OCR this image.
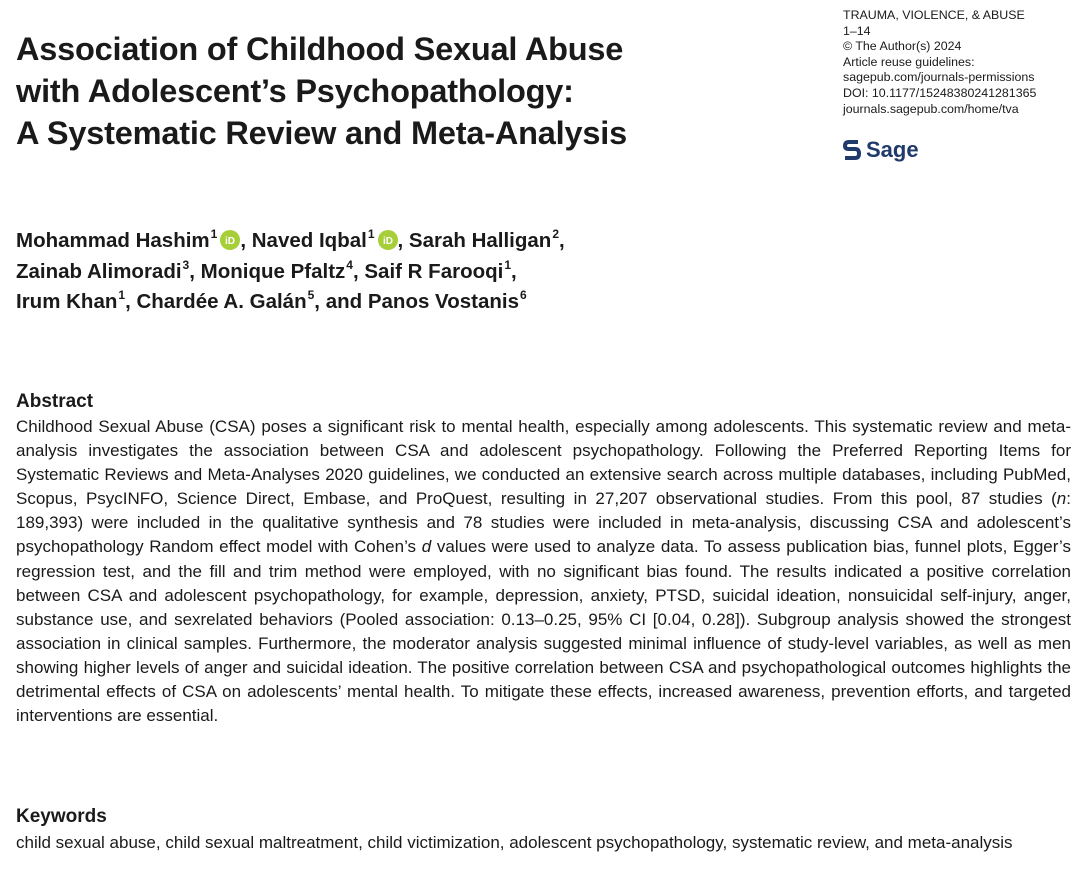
Association of Childhood Sexual Abuse
with Adolescent’s Psychopathology:
A Systematic Review and Meta-Analysis
TRAUMA, VIOLENCE, & ABUSE
1–14
© The Author(s) 2024
Article reuse guidelines:
sagepub.com/journals-permissions
DOI: 10.1177/15248380241281365
journals.sagepub.com/home/tva
Sage
Mohammad Hashim$^1$
iD , Naved Iqbal$^1$
iD , Sarah Halligan$^2$,
Zainab Alimoradi$^3$, Monique Pfaltz$^4$, Saif R Farooqi$^1$,
Irum Khan$^1$, Chardée A. Galán$^5$, and Panos Vostanis$^6$
Abstract

Childhood Sexual Abuse (CSA) poses a significant risk to mental health, especially among adolescents. This systematic review and meta-analysis investigates the association between CSA and adolescent psychopathology. Following the Preferred Reporting Items for Systematic Reviews and Meta-Analyses 2020 guidelines, we conducted an extensive search across multiple databases, including PubMed, Scopus, PsycINFO, Science Direct, Embase, and ProQuest, resulting in 27,207 observational studies. From this pool, 87 studies (n: 189,393) were included in the qualitative synthesis and 78 studies were included in meta-analysis, discussing CSA and adolescent’s psychopathology Random effect model with Cohen’s d values were used to analyze data. To assess publication bias, funnel plots, Egger’s regression test, and the fill and trim method were employed, with no significant bias found. The results indicated a positive correlation between CSA and adolescent psychopathology, for example, depression, anxiety, PTSD, suicidal ideation, nonsuicidal self-injury, anger, substance use, and sexrelated behaviors (Pooled association: 0.13–0.25, 95% CI [0.04, 0.28]). Subgroup analysis showed the strongest association in clinical samples. Furthermore, the moderator analysis suggested minimal influence of study-level variables, as well as men showing higher levels of anger and suicidal ideation. The positive correlation between CSA and psychopathological outcomes highlights the detrimental effects of CSA on adolescents’ mental health. To mitigate these effects, increased awareness, prevention efforts, and targeted interventions are essential.

Keywords

child sexual abuse, child sexual maltreatment, child victimization, adolescent psychopathology, systematic review, and meta-analysis
